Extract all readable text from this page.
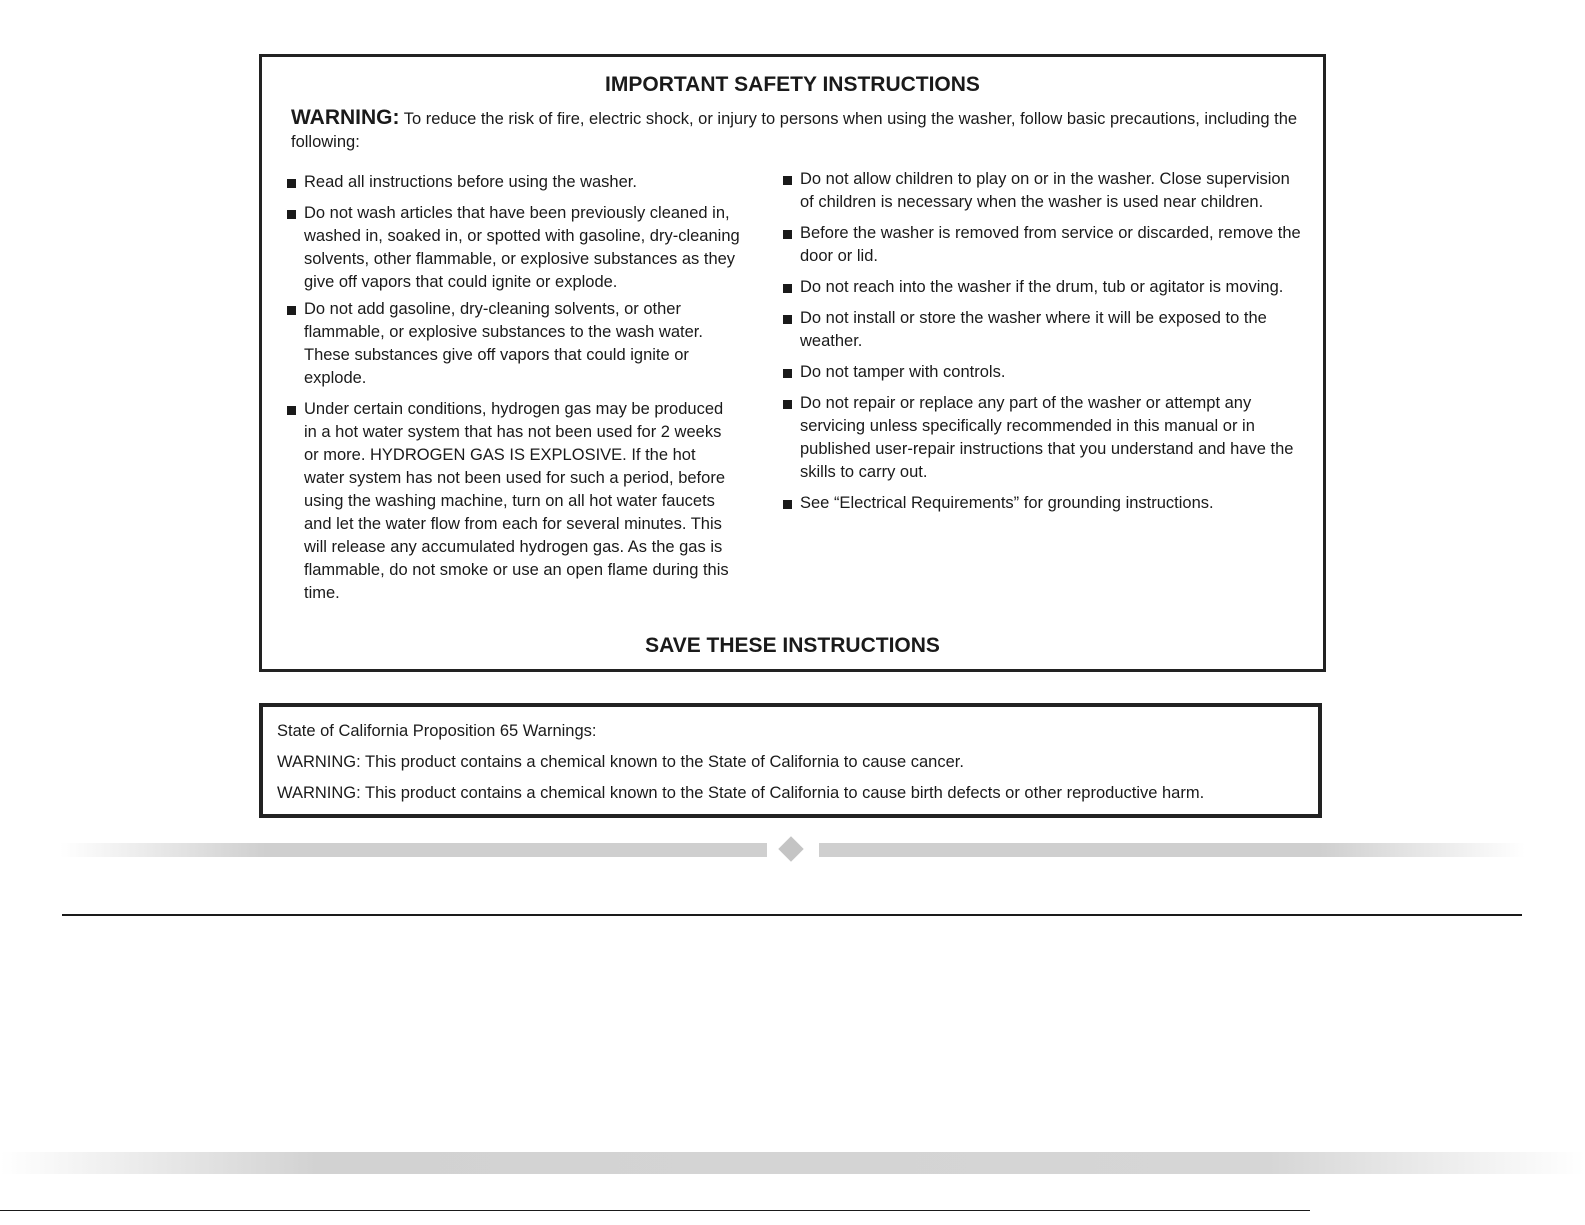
IMPORTANT SAFETY INSTRUCTIONS

WARNING: To reduce the risk of fire, electric shock, or injury to persons when using the washer, follow basic precautions, including the following:

Read all instructions before using the washer.
Do not wash articles that have been previously cleaned in, washed in, soaked in, or spotted with gasoline, dry-cleaning solvents, other flammable, or explosive substances as they give off vapors that could ignite or explode.
Do not add gasoline, dry-cleaning solvents, or other flammable, or explosive substances to the wash water. These substances give off vapors that could ignite or explode.
Under certain conditions, hydrogen gas may be produced in a hot water system that has not been used for 2 weeks or more. HYDROGEN GAS IS EXPLOSIVE. If the hot water system has not been used for such a period, before using the washing machine, turn on all hot water faucets and let the water flow from each for several minutes. This will release any accumulated hydrogen gas. As the gas is flammable, do not smoke or use an open flame during this time.
Do not allow children to play on or in the washer. Close supervision of children is necessary when the washer is used near children.
Before the washer is removed from service or discarded, remove the door or lid.
Do not reach into the washer if the drum, tub or agitator is moving.
Do not install or store the washer where it will be exposed to the weather.
Do not tamper with controls.
Do not repair or replace any part of the washer or attempt any servicing unless specifically recommended in this manual or in published user-repair instructions that you understand and have the skills to carry out.
See “Electrical Requirements” for grounding instructions.
SAVE THESE INSTRUCTIONS

State of California Proposition 65 Warnings:

WARNING: This product contains a chemical known to the State of California to cause cancer.

WARNING: This product contains a chemical known to the State of California to cause birth defects or other reproductive harm.
